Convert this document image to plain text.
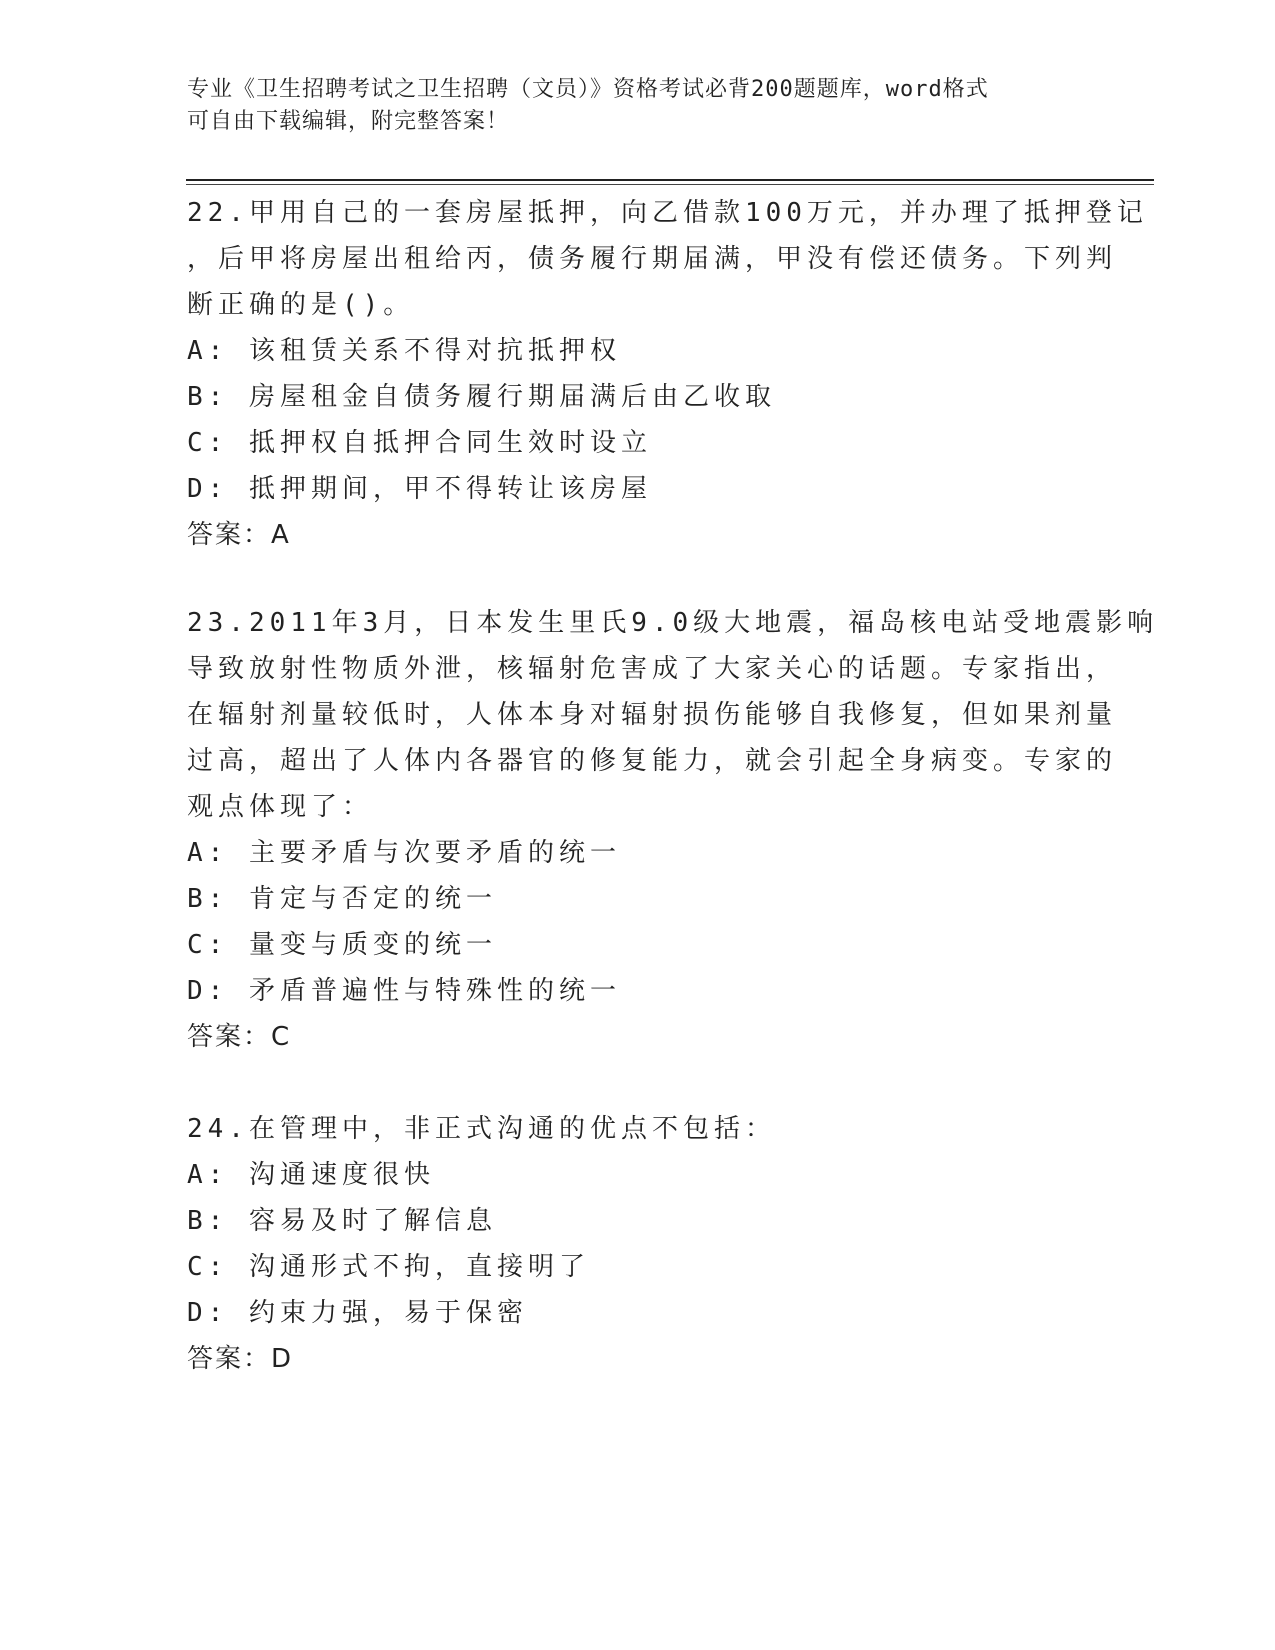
专业《卫生招聘考试之卫生招聘（文员）》资格考试必背200题题库，word格式
可自由下载编辑，附完整答案！
22.甲用自己的一套房屋抵押，向乙借款100万元，并办理了抵押登记
，后甲将房屋出租给丙，债务履行期届满，甲没有偿还债务。下列判
断正确的是()。
A: 该租赁关系不得对抗抵押权
B: 房屋租金自债务履行期届满后由乙收取
C: 抵押权自抵押合同生效时设立
D: 抵押期间，甲不得转让该房屋
答案：A
23.2011年3月，日本发生里氏9.0级大地震，福岛核电站受地震影响
导致放射性物质外泄，核辐射危害成了大家关心的话题。专家指出，
在辐射剂量较低时，人体本身对辐射损伤能够自我修复，但如果剂量
过高，超出了人体内各器官的修复能力，就会引起全身病变。专家的
观点体现了：
A: 主要矛盾与次要矛盾的统一
B: 肯定与否定的统一
C: 量变与质变的统一
D: 矛盾普遍性与特殊性的统一
答案：C
24.在管理中，非正式沟通的优点不包括：
A: 沟通速度很快
B: 容易及时了解信息
C: 沟通形式不拘，直接明了
D: 约束力强，易于保密
答案：D
